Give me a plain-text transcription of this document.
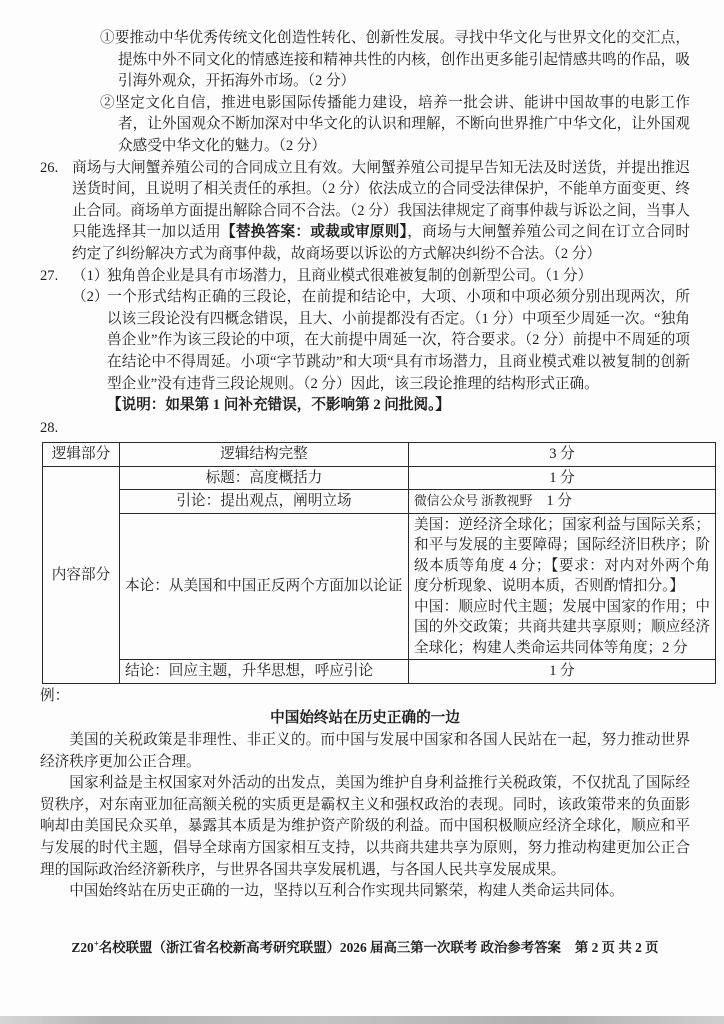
①要推动中华优秀传统文化创造性转化、创新性发展。寻找中华文化与世界文化的交汇点，提炼中外不同文化的情感连接和精神共性的内核，创作出更多能引起情感共鸣的作品，吸引海外观众，开拓海外市场。（2 分）
②坚定文化自信，推进电影国际传播能力建设，培养一批会讲、能讲中国故事的电影工作者，让外国观众不断加深对中华文化的认识和理解，不断向世界推广中华文化，让外国观众感受中华文化的魅力。（2 分）
26. 商场与大闸蟹养殖公司的合同成立且有效。大闸蟹养殖公司提早告知无法及时送货，并提出推迟送货时间，且说明了相关责任的承担。（2 分）依法成立的合同受法律保护，不能单方面变更、终止合同。商场单方面提出解除合同不合法。（2 分）我国法律规定了商事仲裁与诉讼之间，当事人只能选择其一加以适用【替换答案：或裁或审原则】，商场与大闸蟹养殖公司之间在订立合同时约定了纠纷解决方式为商事仲裁，故商场要以诉讼的方式解决纠纷不合法。（2 分）
27. （1）独角兽企业是具有市场潜力，且商业模式很难被复制的创新型公司。（1 分）
（2）一个形式结构正确的三段论，在前提和结论中，大项、小项和中项必须分别出现两次，所以该三段论没有四概念错误，且大、小前提都没有否定。（1 分）中项至少周延一次。“独角兽企业”作为该三段论的中项，在大前提中周延一次，符合要求。（2 分）前提中不周延的项在结论中不得周延。小项“字节跳动”和大项“具有市场潜力，且商业模式难以被复制的创新型企业”没有违背三段论规则。（2 分）因此，该三段论推理的结构形式正确。
【说明：如果第 1 问补充错误，不影响第 2 问批阅。】
28.
逻辑部分	逻辑结构完整	3 分
内容部分	标题：高度概括力	1 分
	引论：提出观点，阐明立场	微信公众号 浙教视野 1 分
	本论：从美国和中国正反两个方面加以论证	美国：逆经济全球化；国家利益与国际关系；和平与发展的主要障碍；国际经济旧秩序；阶级本质等角度 4 分；【要求：对内对外两个角度分析现象、说明本质，否则酌情扣分。】
中国：顺应时代主题；发展中国家的作用；中国的外交政策；共商共建共享原则；顺应经济全球化；构建人类命运共同体等角度；2 分

	结论：回应主题，升华思想，呼应引论	1 分
例：
中国始终站在历史正确的一边
美国的关税政策是非理性、非正义的。而中国与发展中国家和各国人民站在一起，努力推动世界经济秩序更加公正合理。
国家利益是主权国家对外活动的出发点，美国为维护自身利益推行关税政策，不仅扰乱了国际经贸秩序，对东南亚加征高额关税的实质更是霸权主义和强权政治的表现。同时，该政策带来的负面影响却由美国民众买单，暴露其本质是为维护资产阶级的利益。而中国积极顺应经济全球化，顺应和平与发展的时代主题，倡导全球南方国家相互支持，以共商共建共享为原则，努力推动构建更加公正合理的国际政治经济新秩序，与世界各国共享发展机遇，与各国人民共享发展成果。
中国始终站在历史正确的一边，坚持以互利合作实现共同繁荣，构建人类命运共同体。
Z20+名校联盟（浙江省名校新高考研究联盟）2026 届高三第一次联考 政治参考答案 第 2 页 共 2 页
